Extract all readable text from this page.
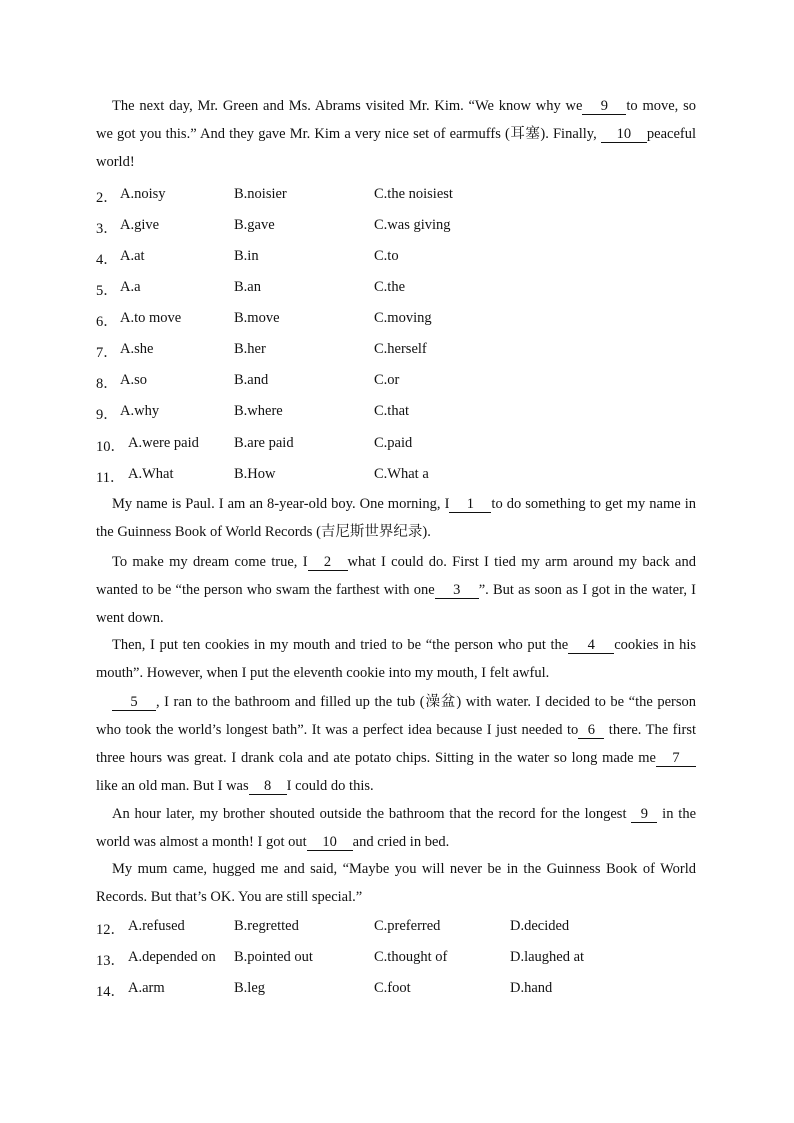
The next day, Mr. Green and Ms. Abrams visited Mr. Kim. “We know why we 9 to move, so we got you this.” And they gave Mr. Kim a very nice set of earmuffs (耳塞). Finally, 10 peaceful world!

2． A.noisy	B.noisier	C.the noisiest
3． A.give	B.gave	C.was giving
4． A.at	B.in	C.to
5． A.a	B.an	C.the
6． A.to move	B.move	C.moving
7． A.she	B.her	C.herself
8． A.so	B.and	C.or
9． A.why	B.where	C.that
10． A.were paid B.are paid	C.paid
11． A.What	B.How	C.What a

My name is Paul. I am an 8-year-old boy. One morning, I 1 to do something to get my name in the Guinness Book of World Records (吉尼斯世界纪录).

To make my dream come true, I 2 what I could do. First I tied my arm around my back and wanted to be “the person who swam the farthest with one 3 ”. But as soon as I got in the water, I went down.

Then, I put ten cookies in my mouth and tried to be “the person who put the 4 cookies in his mouth”. However, when I put the eleventh cookie into my mouth, I felt awful.

5 , I ran to the bathroom and filled up the tub (澡盆) with water. I decided to be “the person who took the world’s longest bath”. It was a perfect idea because I just needed to 6 there. The first three hours was great. I drank cola and ate potato chips. Sitting in the water so long made me 7like an old man. But I was 8 I could do this.

An hour later, my brother shouted outside the bathroom that the record for the longest 9 in the world was almost a month! I got out 10 and cried in bed.

My mum came, hugged me and said, “Maybe you will never be in the Guinness Book of World Records. But that’s OK. You are still special.”

12． A.refused	B.regretted	C.preferred	D.decided
13． A.depended on B.pointed out	C.thought of	D.laughed at
14． A.arm	B.leg	C.foot	D.hand
